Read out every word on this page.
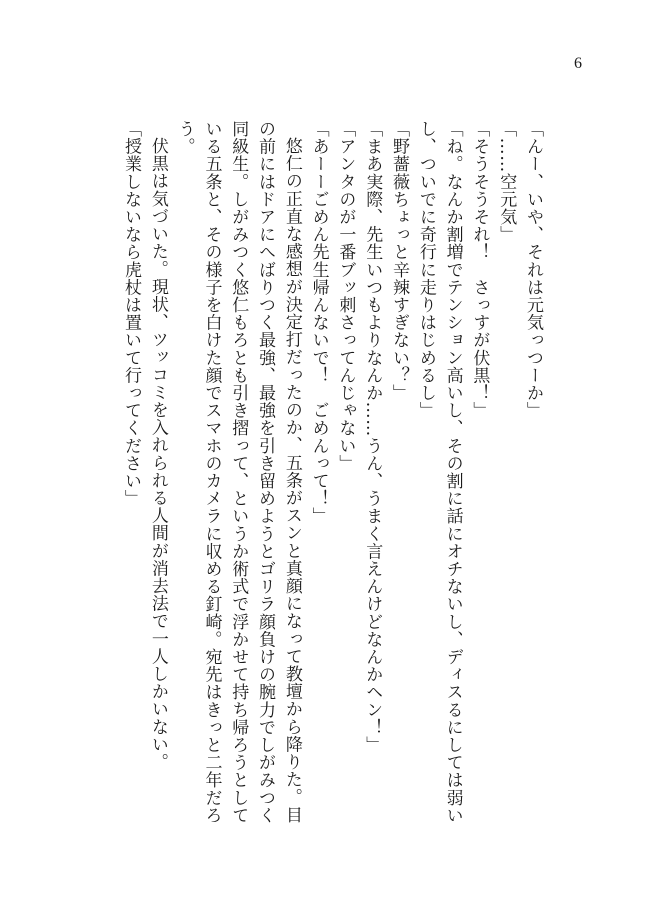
6

「んー、いや、それは元気っつーか」

「……空元気」

「そうそうそれ！　さっすが伏黒！」

「ね。なんか割増でテンション高いし、その割に話にオチないし、ディスるにしては弱いし、ついでに奇行に走りはじめるし」

「野薔薇ちょっと辛辣すぎない？」

「まあ実際、先生いつもよりなんか……うん、うまく言えんけどなんかヘン！」

「アンタのが一番ブッ刺さってんじゃない」

「あーーごめん先生帰んないで！　ごめんって！」

悠仁の正直な感想が決定打だったのか、五条がスンと真顔になって教壇から降りた。目の前にはドアにへばりつく最強、最強を引き留めようとゴリラ顔負けの腕力でしがみつく同級生。しがみつく悠仁もろとも引き摺って、というか術式で浮かせて持ち帰ろうとしている五条と、その様子を白けた顔でスマホのカメラに収める釘崎。宛先はきっと二年だろう。

伏黒は気づいた。現状、ツッコミを入れられる人間が消去法で一人しかいない。

「授業しないなら虎杖は置いて行ってください」
